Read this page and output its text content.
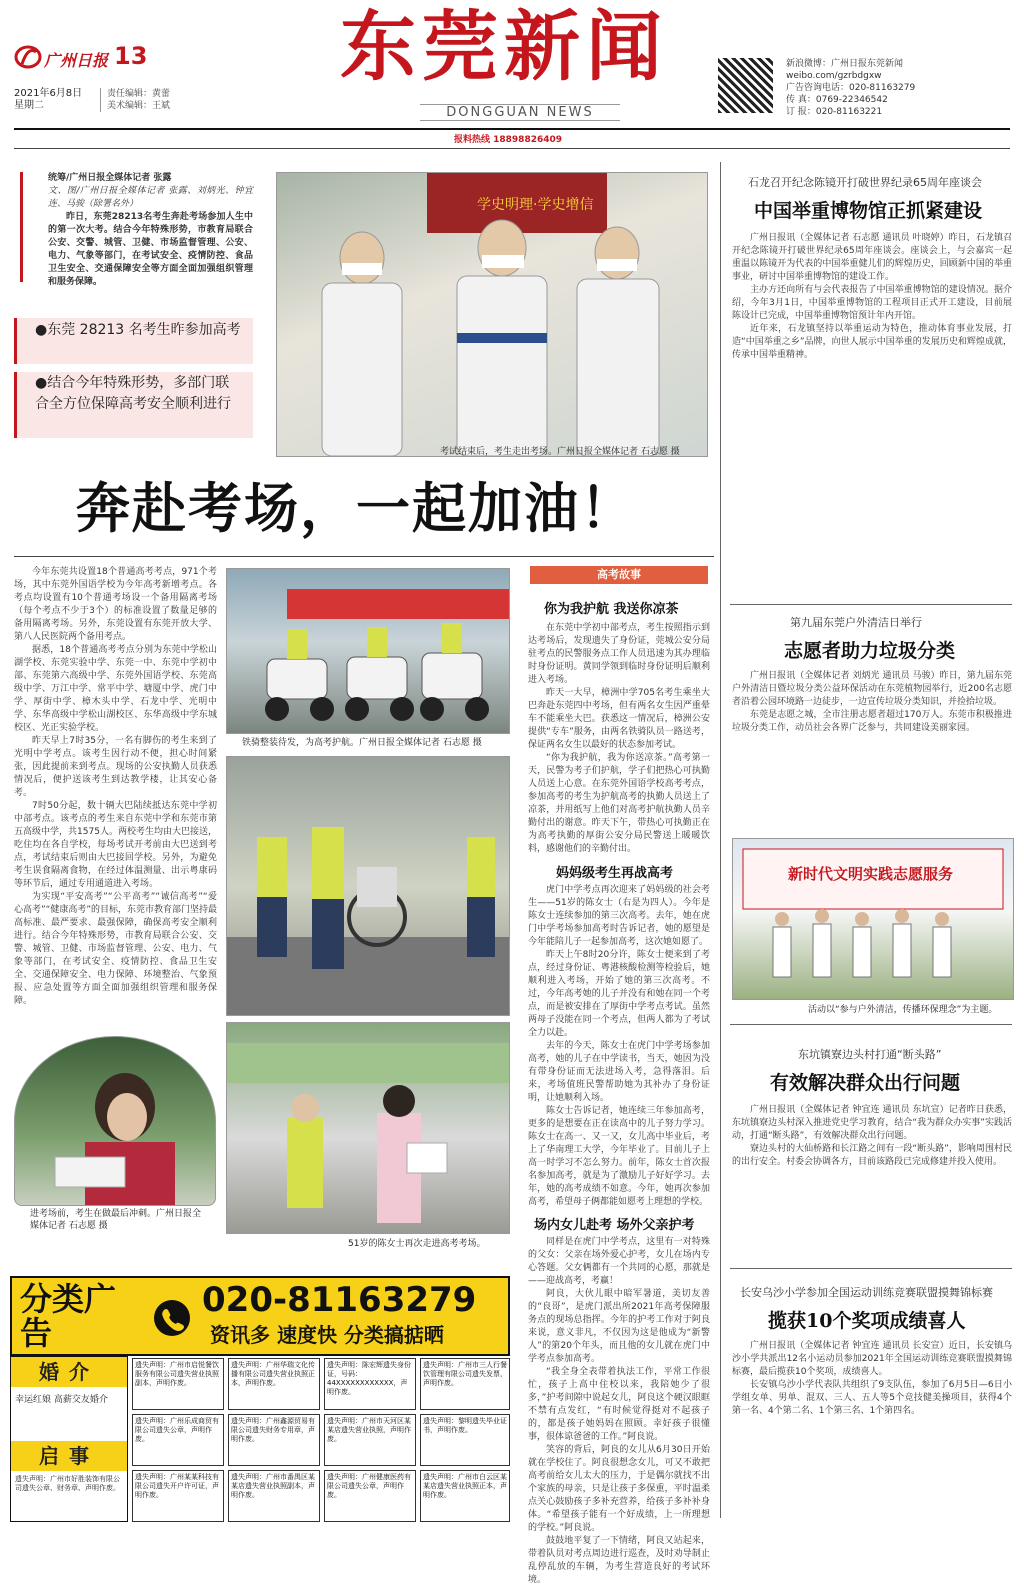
广州日报 13
2021年6月8日
星期二
责任编辑：黄蕾
美术编辑：王斌
东莞新闻
DONGGUAN NEWS
新浪微博：广州日报东莞新闻
weibo.com/gzrbdgxw
广告咨询电话：020-81163279
传 真：0769-22346542
订 报：020-81163221
报料热线 18898826409
统筹/广州日报全媒体记者 张露
文、图/广州日报全媒体记者 张露、刘炳光、钟宜连、马骏（除署名外）

昨日，东莞28213名考生奔赴考场参加人生中的第一次大考。结合今年特殊形势，市教育局联合公安、交警、城管、卫健、市场监督管理、公安、电力、气象等部门，在考试安全、疫情防控、食品卫生安全、交通保障安全等方面全面加强组织管理和服务保障。

●东莞 28213 名考生昨参加高考
●结合今年特殊形势，多部门联合全方位保障高考安全顺利进行
学史明理·学史增信
考试结束后，考生走出考场。广州日报全媒体记者 石志愿 摄
奔赴考场，一起加油！

今年东莞共设置18个普通高考考点，971个考场，其中东莞外国语学校为今年高考新增考点。各考点均设置有10个普通考场设一个备用隔离考场（每个考点不少于3个）的标准设置了数量足够的备用隔离考场。另外，东莞设置有东莞开放大学、第八人民医院两个备用考点。

据悉，18个普通高考考点分别为东莞中学松山湖学校、东莞实验中学、东莞一中、东莞中学初中部、东莞第六高级中学、东莞外国语学校、东莞高级中学、万江中学、常平中学、塘厦中学、虎门中学、厚街中学、樟木头中学、石龙中学、光明中学、东华高级中学松山湖校区、东华高级中学东城校区、光正实验学校。

昨天早上7时35分，一名有脚伤的考生来到了光明中学考点。该考生因行动不便，担心时间紧张，因此提前来到考点。现场的公安执勤人员获悉情况后，便护送该考生到达教学楼，让其安心备考。

7时50分起，数十辆大巴陆续抵达东莞中学初中部考点。该考点的考生来自东莞中学和东莞市第五高级中学，共1575人。两校考生均由大巴接送，吃住均在各自学校，每场考试开考前由大巴送到考点，考试结束后则由大巴接回学校。另外，为避免考生误食隔离食物，在经过体温测量、出示粤康码等环节后，通过专用通道进入考场。

为实现“平安高考”“公平高考”“诚信高考”“爱心高考”“健康高考”的目标，东莞市教育部门坚持最高标准、最严要求、最强保障，确保高考安全顺利进行。结合今年特殊形势，市教育局联合公安、交警、城管、卫健、市场监督管理、公安、电力、气象等部门，在考试安全、疫情防控、食品卫生安全、交通保障安全、电力保障、环境整治、气象预报、应急处置等方面全面加强组织管理和服务保障。

铁骑整装待发，为高考护航。广州日报全媒体记者 石志愿 摄
进考场前，考生在做最后冲刺。广州日报全媒体记者 石志愿 摄
51岁的陈女士再次走进高考考场。
高考故事
你为我护航 我送你凉茶

在东莞中学初中部考点，考生按照指示到达考场后，发现遗失了身份证，莞城公安分局驻考点的民警服务点工作人员迅速为其办理临时身份证明。黄同学领到临时身份证明后顺利进入考场。

昨天一大早，樟洲中学705名考生乘坐大巴奔赴东莞四中考场，但有两名女生因严重晕车不能乘坐大巴。获悉这一情况后，樟洲公安提供“专车”服务，由两名铁骑队员一路送考，保证两名女生以最好的状态参加考试。

“你为我护航，我为你送凉茶。”高考第一天，民警为考子们护航，学子们把热心可执勤人员送上心意。在东莞外国语学校高考考点，参加高考的考生为护航高考的执勤人员送上了凉茶，并用纸写上他们对高考护航执勤人员辛勤付出的谢意。昨天下午，带热心可执勤正在为高考执勤的厚街公安分局民警送上暖暖饮料，感谢他们的辛勤付出。

妈妈级考生再战高考

虎门中学考点再次迎来了妈妈级的社会考生——51岁的陈女士（右是为四人）。今年是陈女士连续参加的第三次高考。去年，她在虎门中学考场参加高考时告诉记者，她的愿望是今年能陪儿子一起参加高考，这次她如愿了。

昨天上午8时20分许，陈女士便来到了考点，经过身份证、粤港核酸检测等检验后，她顺利进入考场，开始了她的第三次高考。不过，今年高考她的儿子并没有和她在同一个考点，而是被安排在了厚街中学考点考试。虽然两母子没能在同一个考点，但两人都为了考试全力以赴。

去年的今天，陈女士在虎门中学考场参加高考，她的儿子在中学读书，当天，她因为没有带身份证而无法进场入考，急得落泪。后来，考场值班民警帮助她为其补办了身份证明，让她顺利入场。

陈女士告诉记者，她连续三年参加高考，更多的是想要在正在读高中的儿子努力学习。陈女士在高一、又一又，女儿高中毕业后，考上了华南理工大学，今年毕业了。目前儿子上高一时学习不怎么努力。前年，陈女士首次报名参加高考，就是为了激励儿子好好学习。去年，她的高考成绩不如意。今年，她再次参加高考，希望母子俩都能如愿考上理想的学校。

场内女儿赴考 场外父亲护考

同样是在虎门中学考点，这里有一对特殊的父女：父亲在场外爱心护考，女儿在场内专心答题。父女俩都有一个共同的心愿，那就是——迎战高考，考赢！

阿良，大伙儿眼中暗军暑道，美切友善的“良哥”，是虎门派出所2021年高考保障服务点的现场总指挥。今年的护考工作对于阿良来说，意义非凡，不仅因为这是他成为“新警人”的第20个年头，而且他的女儿就在虎门中学考点参加高考。

“我全身全表带着执法工作，平常工作很忙，孩子上高中住校以来，我陪她少了很多，”护考间隙中说起女儿，阿良这个硬汉眼眶不禁有点发红，“有时候觉得挺对不起孩子的，都是孩子她妈妈在照顾。幸好孩子很懂事，很体谅爸爸的工作。”阿良说。

笑容的背后，阿良的女儿从6月30日开始就在学校住了。阿良很想念女儿，可又不敢把高考前给女儿太大的压力，于是偶尔就找不出个家族的母亲，只是让孩子多保重，平时温柔点关心鼓励孩子多补充营养，给孩子多补补身体。“希望孩子能有一个好成绩，上一所理想的学校。”阿良说。

鼓鼓地平复了一下情绪，阿良又站起来，带着队员对考点周边进行巡查，及时劝导制止乱停乱放的车辆，为考生营造良好的考试环境。

石龙召开纪念陈镜开打破世界纪录65周年座谈会
中国举重博物馆正抓紧建设

广州日报讯（全媒体记者 石志愿 通讯员 叶晓婷）昨日，石龙镇召开纪念陈镜开打破世界纪录65周年座谈会。座谈会上，与会嘉宾一起重温以陈镜开为代表的中国举重健儿们的辉煌历史，回顾新中国的举重事业，研讨中国举重博物馆的建设工作。

主办方还向所有与会代表报告了中国举重博物馆的建设情况。据介绍，今年3月1日，中国举重博物馆的工程项目正式开工建设，目前展陈设计已完成，中国举重博物馆预计年内开馆。

近年来，石龙镇坚持以举重运动为特色，推动体育事业发展，打造“中国举重之乡”品牌，向世人展示中国举重的发展历史和辉煌成就，传承中国举重精神。

第九届东莞户外清洁日举行
志愿者助力垃圾分类

广州日报讯（全媒体记者 刘炳光 通讯员 马骏）昨日，第九届东莞户外清洁日暨垃圾分类公益环保活动在东莞植物园举行，近200名志愿者沿着公园环境路一边徒步，一边宣传垃圾分类知识，并捡拾垃圾。

东莞是志愿之城，全市注册志愿者超过170万人。东莞市积极推进垃圾分类工作，动员社会各界广泛参与，共同建设美丽家园。

新时代文明实践志愿服务
活动以“参与户外清洁，传播环保理念”为主题。
东坑镇寮边头村打通“断头路”
有效解决群众出行问题

广州日报讯（全媒体记者 钟宜连 通讯员 东坑宣）记者昨日获悉，东坑镇寮边头村深入推进党史学习教育，结合“我为群众办实事”实践活动，打通“断头路”，有效解决群众出行问题。

寮边头村的大仙桥路和长江路之间有一段“断头路”，影响周围村民的出行安全。村委会协调各方，目前该路段已完成修建并投入使用。

长安乌沙小学参加全国运动训练竞赛联盟摸舞锦标赛
揽获10个奖项成绩喜人

广州日报讯（全媒体记者 钟宜连 通讯员 长安宣）近日，长安镇乌沙小学共派出12名小运动员参加2021年全国运动训练竞赛联盟摸舞锦标赛，最后揽获10个奖项，成绩喜人。

长安镇乌沙小学代表队共组织了9支队伍，参加了6月5日—6日小学组女单、男单、混双、三人、五人等5个竞技健美操项目，获得4个第一名、4个第二名、1个第三名、1个第四名。

分类广告
020-81163279
资讯多 速度快 分类搞掂晒
婚介
幸运红娘 高薪交友婚介
启事
遗失声明：广州市好胜装饰有限公司遗失公章、财务章、声明作废。
遗失声明：广州市启悦餐饮服务有限公司遗失营业执照副本，声明作废。
遗失声明：广州华瑞文化传播有限公司遗失营业执照正本，声明作废。
遗失声明：陈宏辉遗失身份证，号码：44XXXXXXXXXXXX，声明作废。
遗失声明：广州市三人行餐饮管理有限公司遗失发票，声明作废。
遗失声明：广州乐成商贸有限公司遗失公章，声明作废。
遗失声明：广州鑫源贸易有限公司遗失财务专用章，声明作废。
遗失声明：广州市天河区某某店遗失营业执照，声明作废。
遗失声明：黎明遗失毕业证书，声明作废。
遗失声明：广州某某科技有限公司遗失开户许可证，声明作废。
遗失声明：广州市番禺区某某店遗失营业执照副本，声明作废。
遗失声明：广州健康医药有限公司遗失公章，声明作废。
遗失声明：广州市白云区某某店遗失营业执照正本，声明作废。
